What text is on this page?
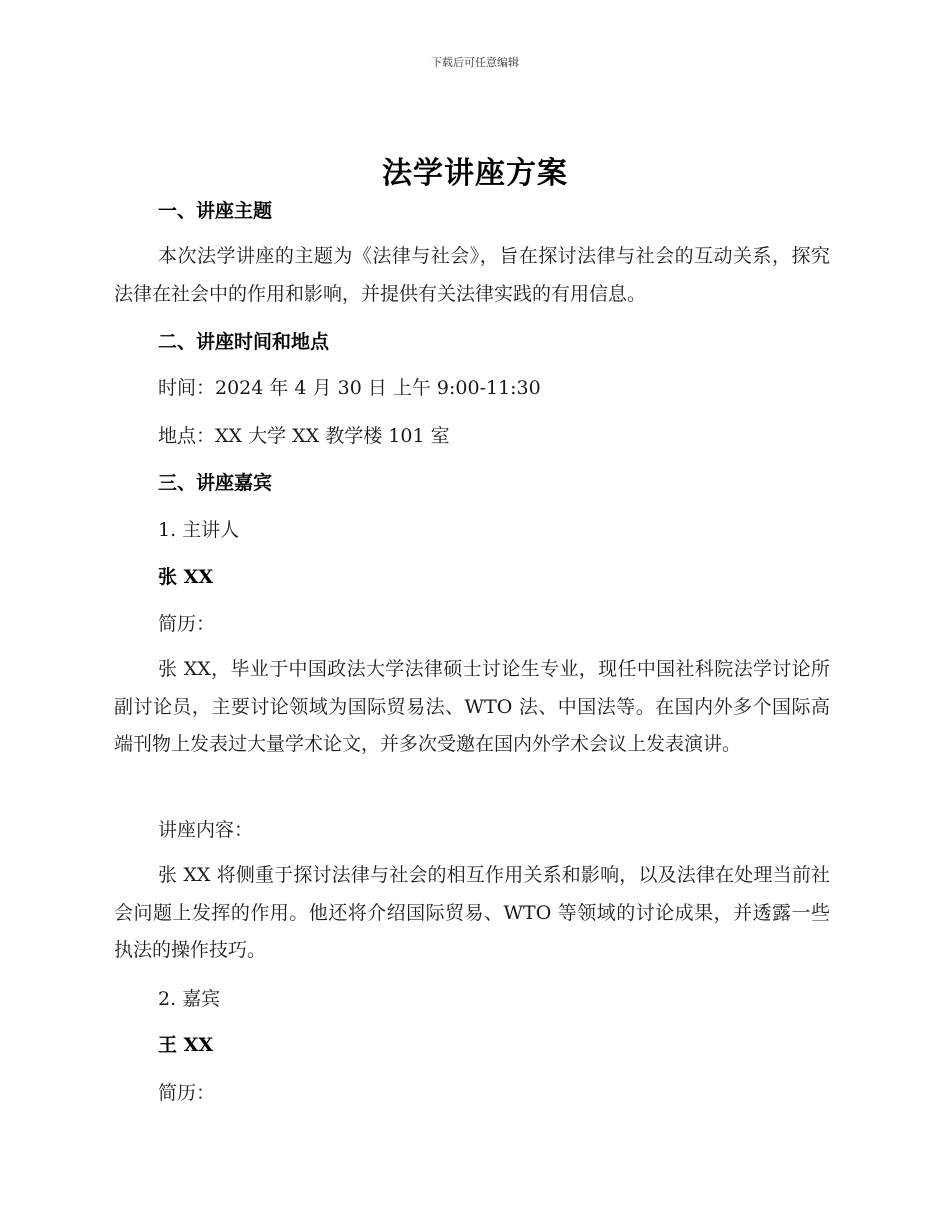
下载后可任意编辑
法学讲座方案
一、讲座主题
本次法学讲座的主题为《法律与社会》，旨在探讨法律与社会的互动关系，探究法律在社会中的作用和影响，并提供有关法律实践的有用信息。
二、讲座时间和地点
时间：2024 年 4 月 30 日 上午 9:00-11:30
地点：XX 大学 XX 教学楼 101 室
三、讲座嘉宾
1. 主讲人
张 XX
简历：
张 XX，毕业于中国政法大学法律硕士讨论生专业，现任中国社科院法学讨论所副讨论员，主要讨论领域为国际贸易法、WTO 法、中国法等。在国内外多个国际高端刊物上发表过大量学术论文，并多次受邀在国内外学术会议上发表演讲。
讲座内容：
张 XX 将侧重于探讨法律与社会的相互作用关系和影响，以及法律在处理当前社会问题上发挥的作用。他还将介绍国际贸易、WTO 等领域的讨论成果，并透露一些执法的操作技巧。
2. 嘉宾
王 XX
简历：
